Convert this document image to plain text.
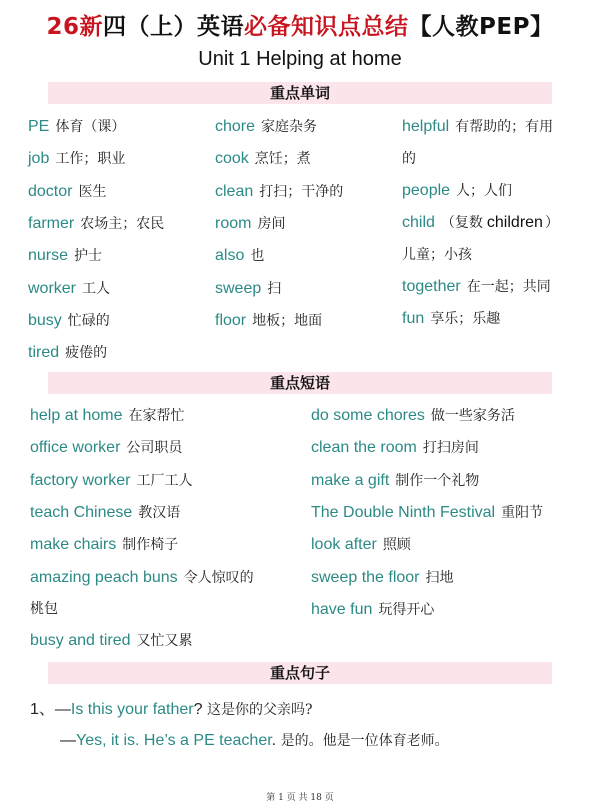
26新四（上）英语必备知识点总结【人教PEP】
Unit 1 Helping at home
重点单词
PE 体育（课）
job 工作；职业
doctor 医生
farmer 农场主；农民
nurse 护士
worker 工人
busy 忙碌的
tired 疲倦的
chore 家庭杂务
cook 烹饪；煮
clean 打扫；干净的
room 房间
also 也
sweep 扫
floor 地板；地面
helpful 有帮助的；有用
的
people 人；人们
child （复数 children ）
儿童；小孩
together 在一起；共同
fun 享乐；乐趣
重点短语
help at home 在家帮忙
office worker 公司职员
factory worker 工厂工人
teach Chinese 教汉语
make chairs 制作椅子
amazing peach buns 令人惊叹的
桃包
busy and tired 又忙又累
do some chores 做一些家务活
clean the room 打扫房间
make a gift 制作一个礼物
The Double Ninth Festival 重阳节
look after 照顾
sweep the floor 扫地
have fun 玩得开心
重点句子
1、—Is this your father? 这是你的父亲吗?
—Yes, it is. He’s a PE teacher. 是的。他是一位体育老师。
第 1 页 共 18 页
